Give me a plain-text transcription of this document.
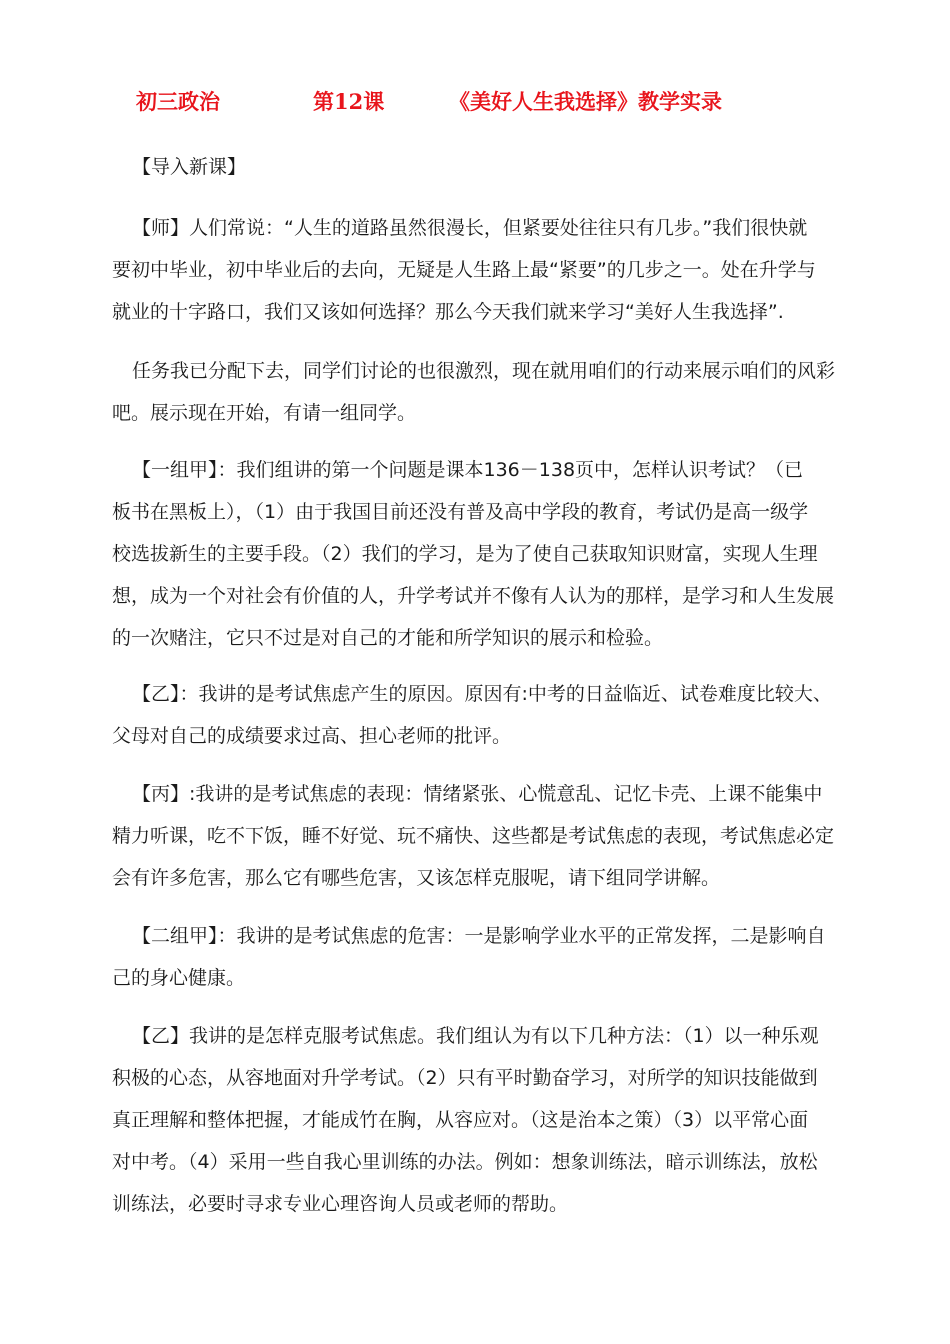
初三政治	第12课	《美好人生我选择》教学实录
【导入新课】
【师】人们常说：“人生的道路虽然很漫长，但紧要处往往只有几步。”我们很快就
要初中毕业，初中毕业后的去向，无疑是人生路上最“紧要”的几步之一。处在升学与
就业的十字路口，我们又该如何选择？那么今天我们就来学习“美好人生我选择”.
任务我已分配下去，同学们讨论的也很激烈，现在就用咱们的行动来展示咱们的风彩
吧。展示现在开始，有请一组同学。
【一组甲】：我们组讲的第一个问题是课本136－138页中，怎样认识考试？（已
板书在黑板上），（1）由于我国目前还没有普及高中学段的教育，考试仍是高一级学
校选拔新生的主要手段。（2）我们的学习，是为了使自己获取知识财富，实现人生理
想，成为一个对社会有价值的人，升学考试并不像有人认为的那样，是学习和人生发展
的一次赌注，它只不过是对自己的才能和所学知识的展示和检验。
【乙】：我讲的是考试焦虑产生的原因。原因有:中考的日益临近、试卷难度比较大、
父母对自己的成绩要求过高、担心老师的批评。
【丙】:我讲的是考试焦虑的表现：情绪紧张、心慌意乱、记忆卡壳、上课不能集中
精力听课，吃不下饭，睡不好觉、玩不痛快、这些都是考试焦虑的表现，考试焦虑必定
会有许多危害，那么它有哪些危害，又该怎样克服呢，请下组同学讲解。
【二组甲】：我讲的是考试焦虑的危害：一是影响学业水平的正常发挥，二是影响自
己的身心健康。
【乙】我讲的是怎样克服考试焦虑。我们组认为有以下几种方法：（1）以一种乐观
积极的心态，从容地面对升学考试。（2）只有平时勤奋学习，对所学的知识技能做到
真正理解和整体把握，才能成竹在胸，从容应对。（这是治本之策）（3）以平常心面
对中考。（4）采用一些自我心里训练的办法。例如：想象训练法，暗示训练法，放松
训练法，必要时寻求专业心理咨询人员或老师的帮助。
